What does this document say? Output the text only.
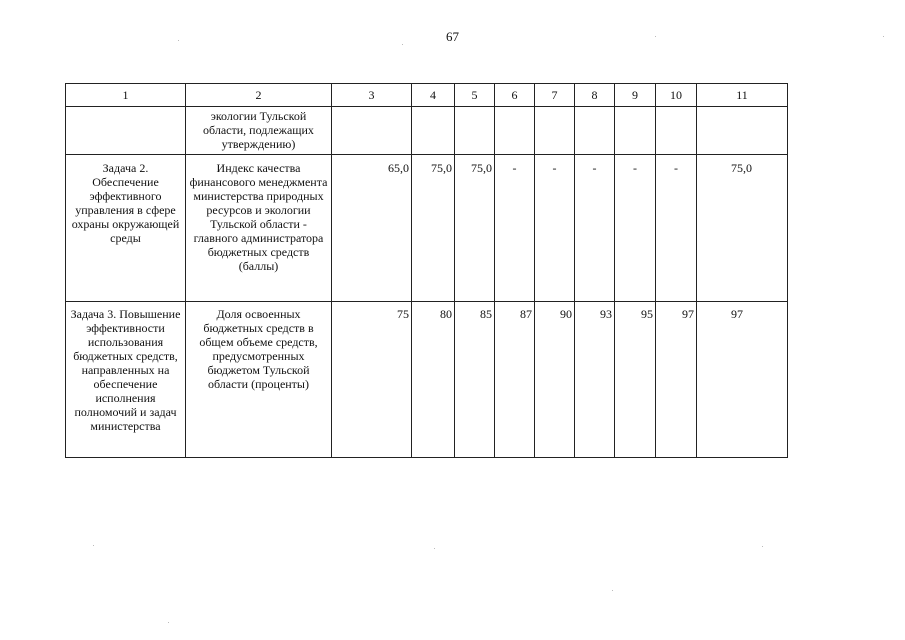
67
1	2	3	4	5	6	7	8	9	10	11
	экологии Тульской области, подлежащих утверждению)									
Задача 2. Обеспечение эффективного управления в сфере охраны окружающей среды	Индекс качества финансового менеджмента министерства природных ресурсов и экологии Тульской области - главного администратора бюджетных средств (баллы)	65,0	75,0	75,0	-	-	-	-	-	75,0
Задача 3. Повышение эффективности использования бюджетных средств, направленных на обеспечение исполнения полномочий и задач министерства	Доля освоенных бюджетных средств в общем объеме средств, предусмотренных бюджетом Тульской области (проценты)	75	80	85	87	90	93	95	97	97
